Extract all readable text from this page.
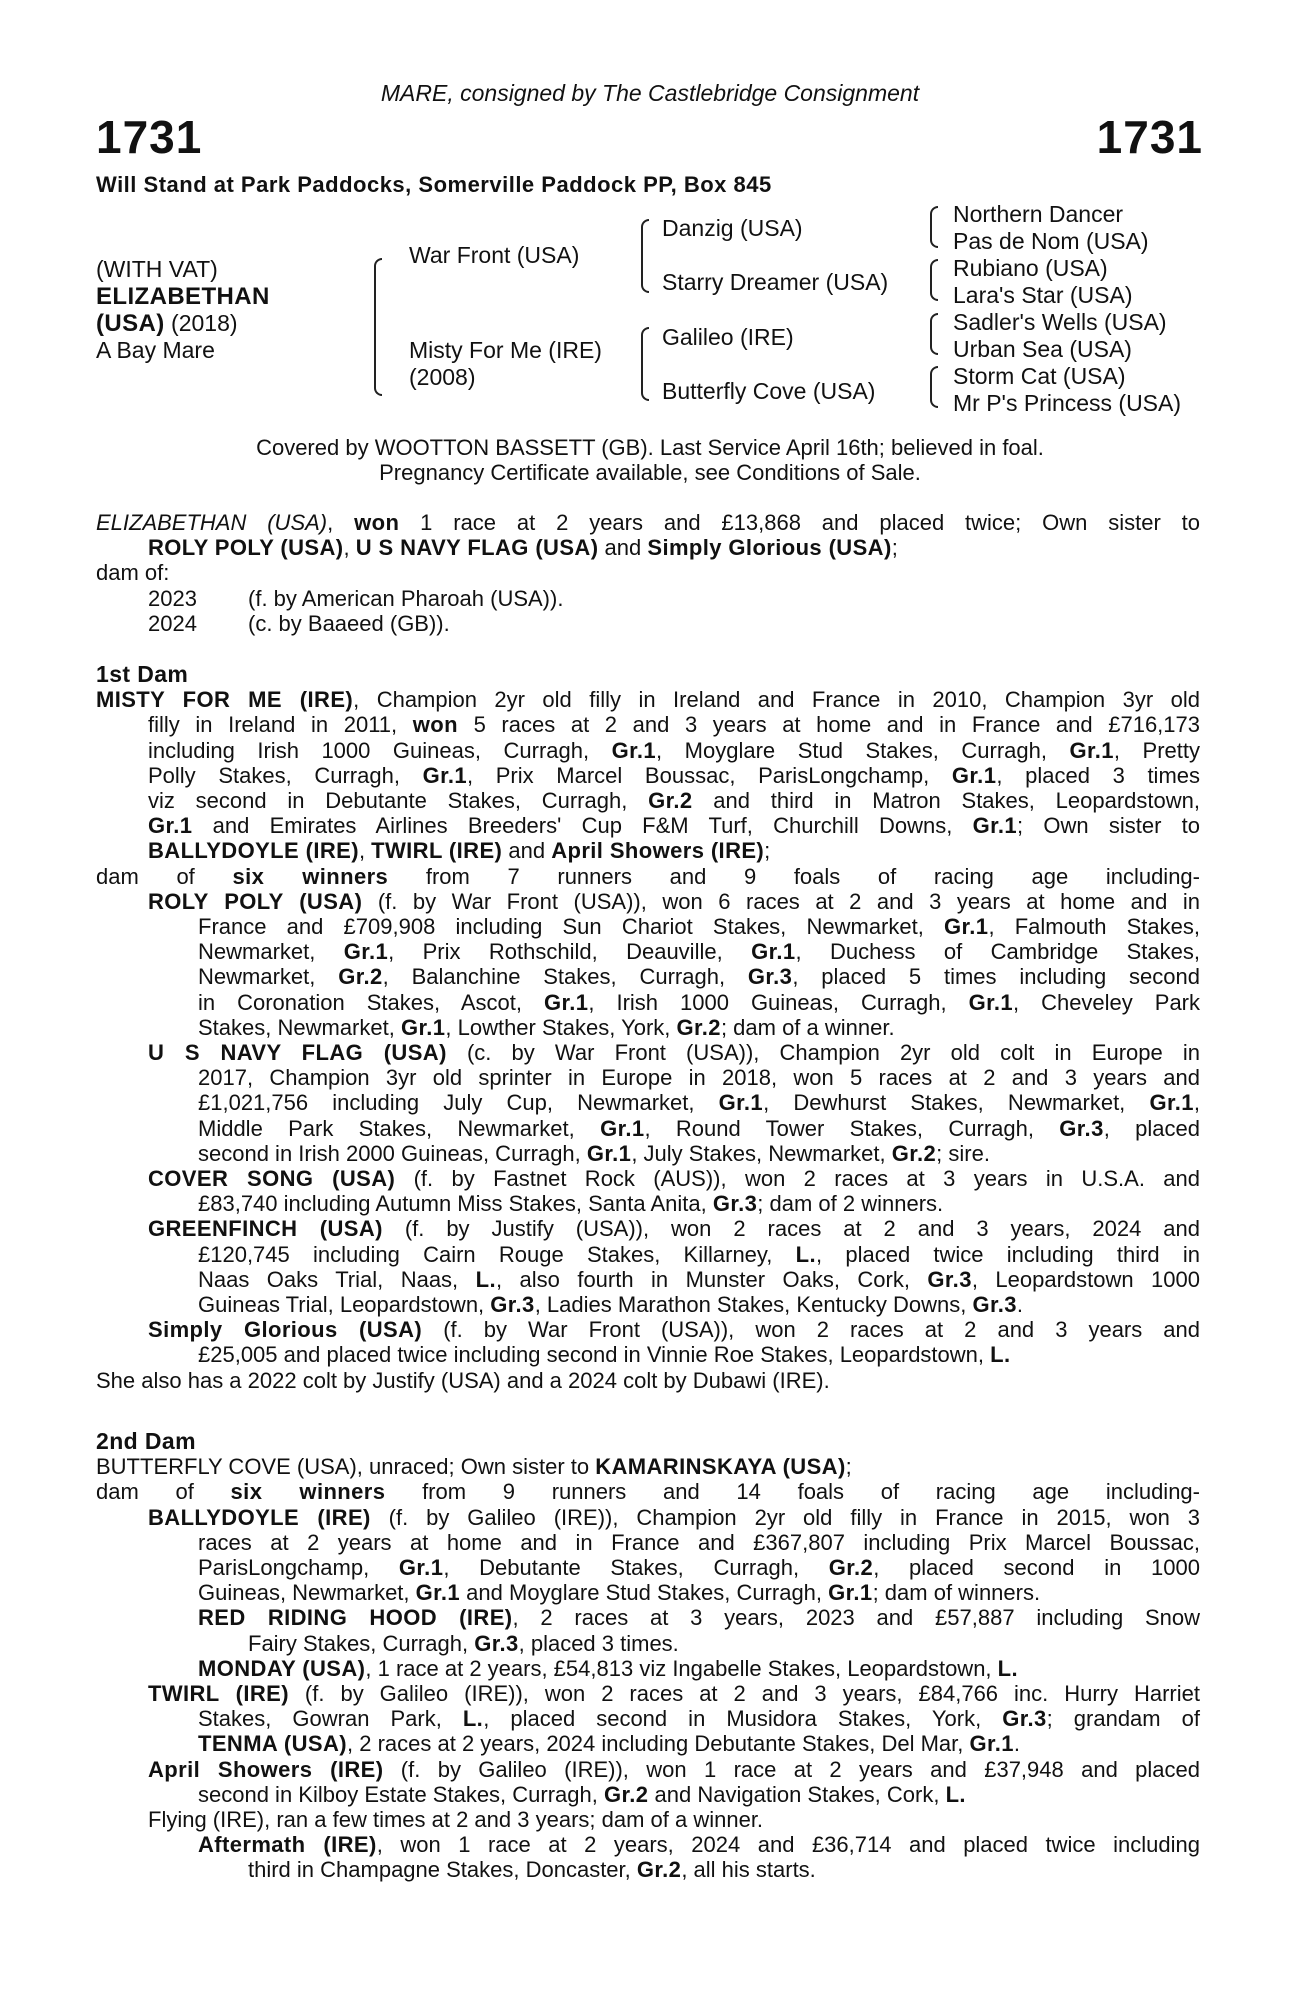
MARE, consigned by The Castlebridge Consignment
1731	1731
Will Stand at Park Paddocks, Somerville Paddock PP, Box 845
(WITH VAT)
ELIZABETHAN
(USA) (2018)
A Bay Mare
War Front (USA)
Misty For Me (IRE)
(2008)
Danzig (USA)
Starry Dreamer (USA)
Galileo (IRE)
Butterfly Cove (USA)
Northern Dancer
Pas de Nom (USA)
Rubiano (USA)
Lara's Star (USA)
Sadler's Wells (USA)
Urban Sea (USA)
Storm Cat (USA)
Mr P's Princess (USA)
Covered by WOOTTON BASSETT (GB). Last Service April 16th; believed in foal.
Pregnancy Certificate available, see Conditions of Sale.
ELIZABETHAN (USA), won 1 race at 2 years and £13,868 and placed twice; Own sister to
ROLY POLY (USA), U S NAVY FLAG (USA) and Simply Glorious (USA);
dam of:
2023 (f. by American Pharoah (USA)).
2024 (c. by Baaeed (GB)).
1st Dam
MISTY FOR ME (IRE), Champion 2yr old filly in Ireland and France in 2010, Champion 3yr old
filly in Ireland in 2011, won 5 races at 2 and 3 years at home and in France and £716,173
including Irish 1000 Guineas, Curragh, Gr.1, Moyglare Stud Stakes, Curragh, Gr.1, Pretty
Polly Stakes, Curragh, Gr.1, Prix Marcel Boussac, ParisLongchamp, Gr.1, placed 3 times
viz second in Debutante Stakes, Curragh, Gr.2 and third in Matron Stakes, Leopardstown,
Gr.1 and Emirates Airlines Breeders' Cup F&M Turf, Churchill Downs, Gr.1; Own sister to
BALLYDOYLE (IRE), TWIRL (IRE) and April Showers (IRE);
dam of six winners from 7 runners and 9 foals of racing age including-
ROLY POLY (USA) (f. by War Front (USA)), won 6 races at 2 and 3 years at home and in
France and £709,908 including Sun Chariot Stakes, Newmarket, Gr.1, Falmouth Stakes,
Newmarket, Gr.1, Prix Rothschild, Deauville, Gr.1, Duchess of Cambridge Stakes,
Newmarket, Gr.2, Balanchine Stakes, Curragh, Gr.3, placed 5 times including second
in Coronation Stakes, Ascot, Gr.1, Irish 1000 Guineas, Curragh, Gr.1, Cheveley Park
Stakes, Newmarket, Gr.1, Lowther Stakes, York, Gr.2; dam of a winner.
U S NAVY FLAG (USA) (c. by War Front (USA)), Champion 2yr old colt in Europe in
2017, Champion 3yr old sprinter in Europe in 2018, won 5 races at 2 and 3 years and
£1,021,756 including July Cup, Newmarket, Gr.1, Dewhurst Stakes, Newmarket, Gr.1,
Middle Park Stakes, Newmarket, Gr.1, Round Tower Stakes, Curragh, Gr.3, placed
second in Irish 2000 Guineas, Curragh, Gr.1, July Stakes, Newmarket, Gr.2; sire.
COVER SONG (USA) (f. by Fastnet Rock (AUS)), won 2 races at 3 years in U.S.A. and
£83,740 including Autumn Miss Stakes, Santa Anita, Gr.3; dam of 2 winners.
GREENFINCH (USA) (f. by Justify (USA)), won 2 races at 2 and 3 years, 2024 and
£120,745 including Cairn Rouge Stakes, Killarney, L., placed twice including third in
Naas Oaks Trial, Naas, L., also fourth in Munster Oaks, Cork, Gr.3, Leopardstown 1000
Guineas Trial, Leopardstown, Gr.3, Ladies Marathon Stakes, Kentucky Downs, Gr.3.
Simply Glorious (USA) (f. by War Front (USA)), won 2 races at 2 and 3 years and
£25,005 and placed twice including second in Vinnie Roe Stakes, Leopardstown, L.
She also has a 2022 colt by Justify (USA) and a 2024 colt by Dubawi (IRE).
2nd Dam
BUTTERFLY COVE (USA), unraced; Own sister to KAMARINSKAYA (USA);
dam of six winners from 9 runners and 14 foals of racing age including-
BALLYDOYLE (IRE) (f. by Galileo (IRE)), Champion 2yr old filly in France in 2015, won 3
races at 2 years at home and in France and £367,807 including Prix Marcel Boussac,
ParisLongchamp, Gr.1, Debutante Stakes, Curragh, Gr.2, placed second in 1000
Guineas, Newmarket, Gr.1 and Moyglare Stud Stakes, Curragh, Gr.1; dam of winners.
RED RIDING HOOD (IRE), 2 races at 3 years, 2023 and £57,887 including Snow
Fairy Stakes, Curragh, Gr.3, placed 3 times.
MONDAY (USA), 1 race at 2 years, £54,813 viz Ingabelle Stakes, Leopardstown, L.
TWIRL (IRE) (f. by Galileo (IRE)), won 2 races at 2 and 3 years, £84,766 inc. Hurry Harriet
Stakes, Gowran Park, L., placed second in Musidora Stakes, York, Gr.3; grandam of
TENMA (USA), 2 races at 2 years, 2024 including Debutante Stakes, Del Mar, Gr.1.
April Showers (IRE) (f. by Galileo (IRE)), won 1 race at 2 years and £37,948 and placed
second in Kilboy Estate Stakes, Curragh, Gr.2 and Navigation Stakes, Cork, L.
Flying (IRE), ran a few times at 2 and 3 years; dam of a winner.
Aftermath (IRE), won 1 race at 2 years, 2024 and £36,714 and placed twice including
third in Champagne Stakes, Doncaster, Gr.2, all his starts.
